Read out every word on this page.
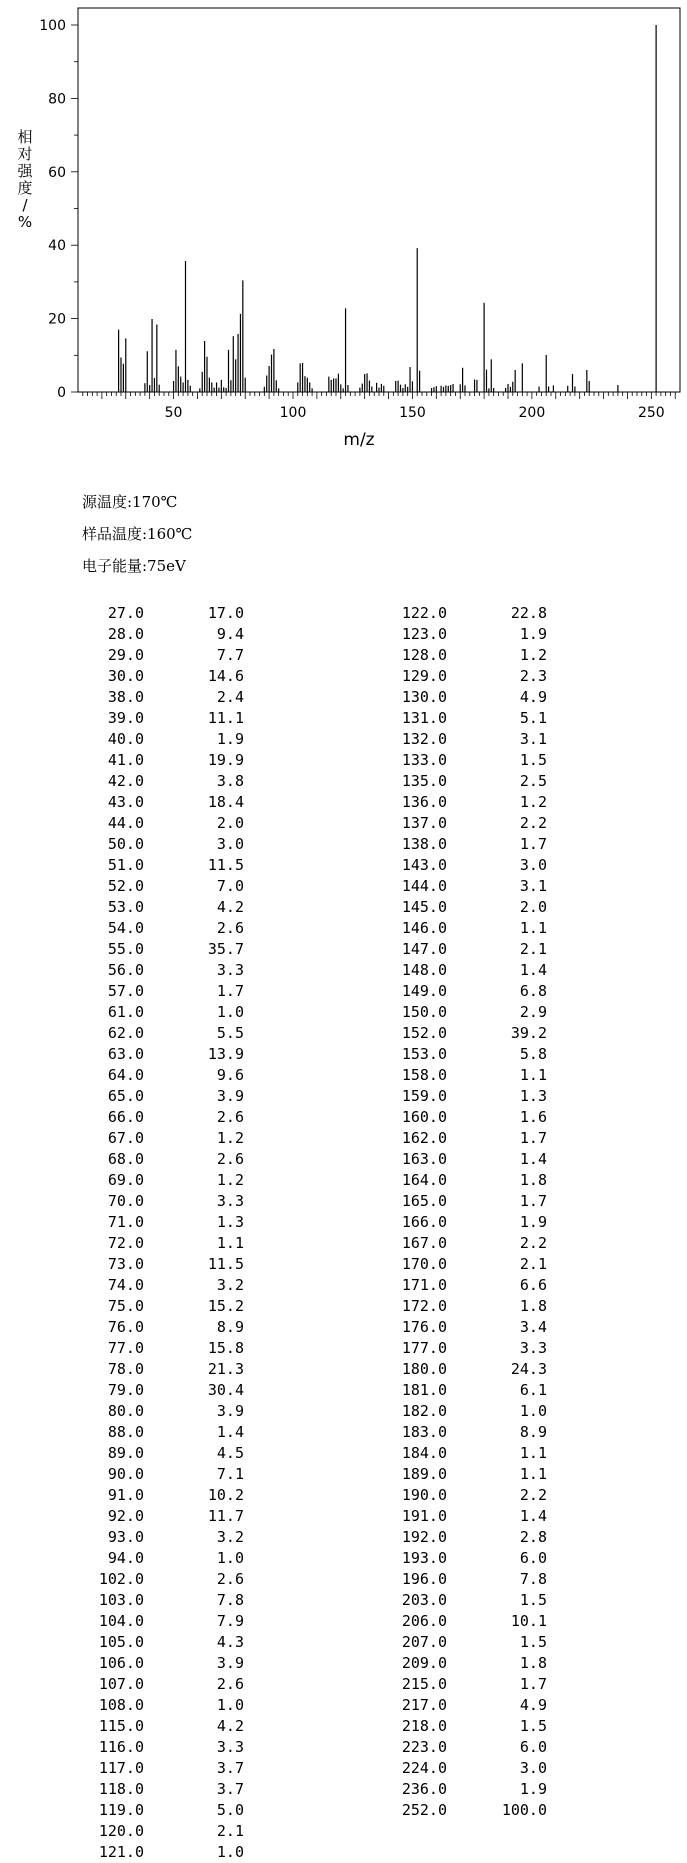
50	100	150	200	250
0
20
40
60
80
100
m/z
相对强度/ %
源温度:170℃
样品温度:160℃
电子能量:75eV
27.0	17.0
28.0	9.4
29.0	7.7
30.0	14.6
38.0	2.4
39.0	11.1
40.0	1.9
41.0	19.9
42.0	3.8
43.0	18.4
44.0	2.0
50.0	3.0
51.0	11.5
52.0	7.0
53.0	4.2
54.0	2.6
55.0	35.7
56.0	3.3
57.0	1.7
61.0	1.0
62.0	5.5
63.0	13.9
64.0	9.6
65.0	3.9
66.0	2.6
67.0	1.2
68.0	2.6
69.0	1.2
70.0	3.3
71.0	1.3
72.0	1.1
73.0	11.5
74.0	3.2
75.0	15.2
76.0	8.9
77.0	15.8
78.0	21.3
79.0	30.4
80.0	3.9
88.0	1.4
89.0	4.5
90.0	7.1
91.0	10.2
92.0	11.7
93.0	3.2
94.0	1.0
102.0	2.6
103.0	7.8
104.0	7.9
105.0	4.3
106.0	3.9
107.0	2.6
108.0	1.0
115.0	4.2
116.0	3.3
117.0	3.7
118.0	3.7
119.0	5.0
120.0	2.1
121.0	1.0
122.0	22.8
123.0	1.9
128.0	1.2
129.0	2.3
130.0	4.9
131.0	5.1
132.0	3.1
133.0	1.5
135.0	2.5
136.0	1.2
137.0	2.2
138.0	1.7
143.0	3.0
144.0	3.1
145.0	2.0
146.0	1.1
147.0	2.1
148.0	1.4
149.0	6.8
150.0	2.9
152.0	39.2
153.0	5.8
158.0	1.1
159.0	1.3
160.0	1.6
162.0	1.7
163.0	1.4
164.0	1.8
165.0	1.7
166.0	1.9
167.0	2.2
170.0	2.1
171.0	6.6
172.0	1.8
176.0	3.4
177.0	3.3
180.0	24.3
181.0	6.1
182.0	1.0
183.0	8.9
184.0	1.1
189.0	1.1
190.0	2.2
191.0	1.4
192.0	2.8
193.0	6.0
196.0	7.8
203.0	1.5
206.0	10.1
207.0	1.5
209.0	1.8
215.0	1.7
217.0	4.9
218.0	1.5
223.0	6.0
224.0	3.0
236.0	1.9
252.0	100.0
